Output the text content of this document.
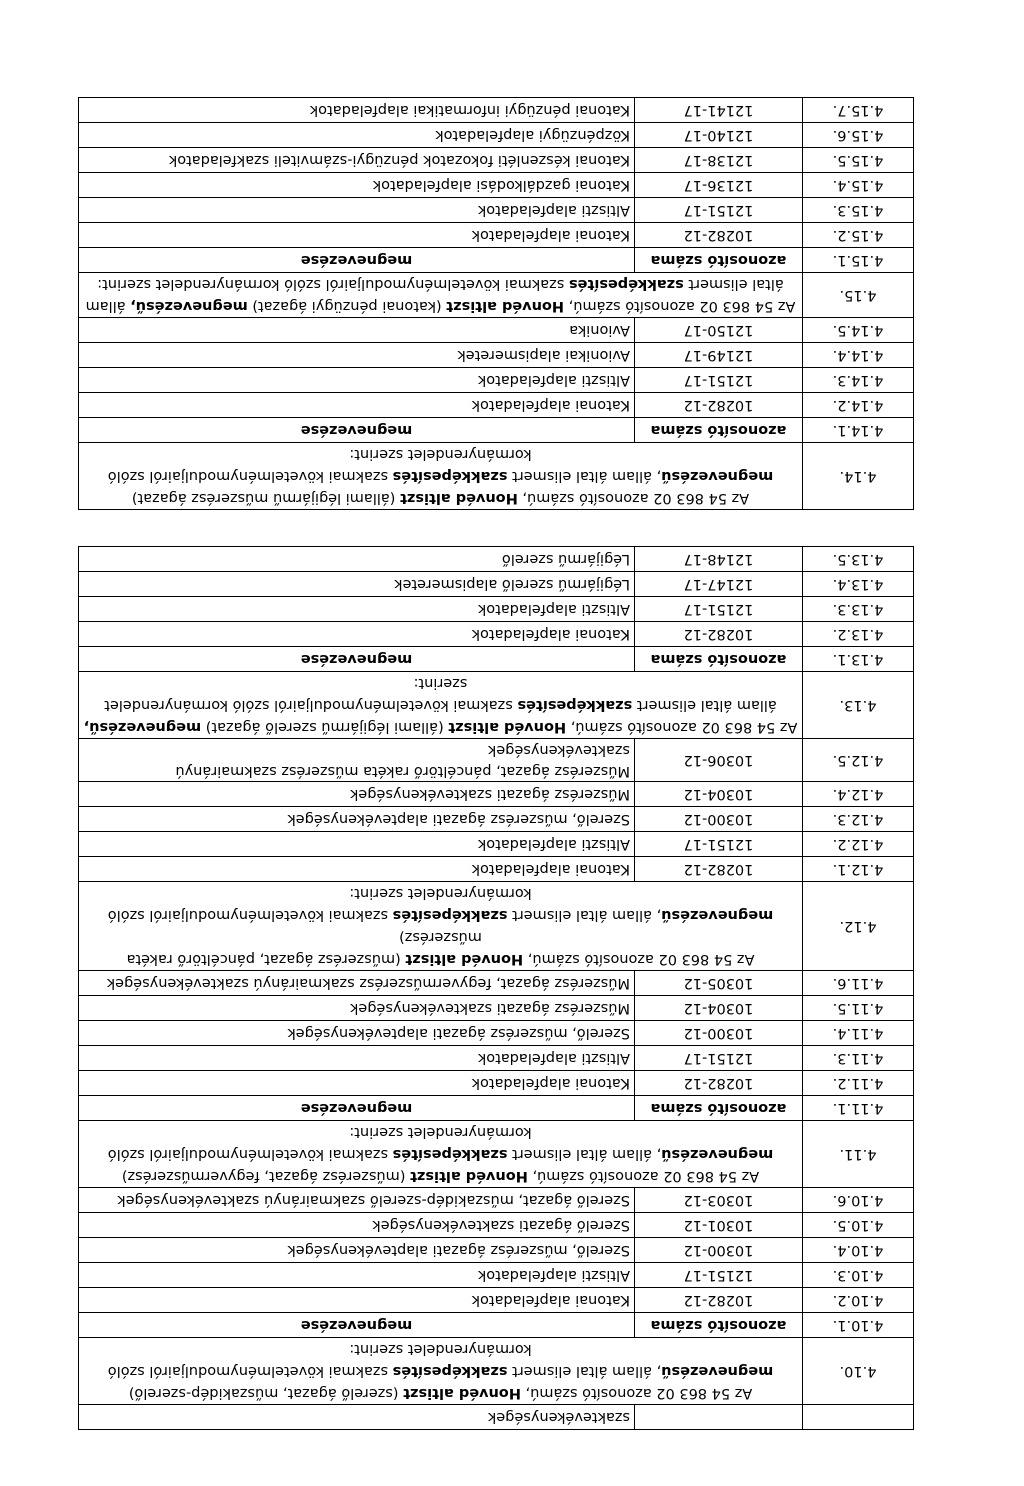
		szaktevékenységek
4.10.	Az 54 863 02 azonosító számú, Honvéd altiszt (szerelő ágazat, műszakidép-szerelő)
megnevezésű, állam által elismert szakképesítés szakmai követelménymoduljairól szóló
kormányrendelet szerint:	

4.10.1.	azonosító száma	megnevezése
4.10.2.	10282-12	Katonai alapfeladatok
4.10.3.	12151-17	Altiszti alapfeladatok
4.10.4.	10300-12	Szerelő, műszerész ágazati alaptevékenységek
4.10.5.	10301-12	Szerelő ágazati szaktevékenységek
4.10.6.	10303-12	Szerelő ágazat, műszakidép-szerelő szakmairányú szaktevékenységek
4.11.	Az 54 863 02 azonosító számú, Honvéd altiszt (műszerész ágazat, fegyverműszerész)
megnevezésű, állam által elismert szakképesítés szakmai követelménymoduljairól szóló
kormányrendelet szerint:	

4.11.1.	azonosító száma	megnevezése
4.11.2.	10282-12	Katonai alapfeladatok
4.11.3.	12151-17	Altiszti alapfeladatok
4.11.4.	10300-12	Szerelő, műszerész ágazati alaptevékenységek
4.11.5.	10304-12	Műszerész ágazati szaktevékenységek
4.11.6.	10305-12	Műszerész ágazat, fegyverműszerész szakmairányú szaktevékenységek
4.12.	Az 54 863 02 azonosító számú, Honvéd altiszt (műszerész ágazat, páncéltörő rakéta műszerész)
megnevezésű, állam által elismert szakképesítés szakmai követelménymoduljairól szóló
kormányrendelet szerint:	

4.12.1.	10282-12	Katonai alapfeladatok
4.12.2.	12151-17	Altiszti alapfeladatok
4.12.3.	10300-12	Szerelő, műszerész ágazati alaptevékenységek
4.12.4.	10304-12	Műszerész ágazati szaktevékenységek
4.12.5.	10306-12	Műszerész ágazat, páncéltörő rakéta műszerész szakmairányú
szaktevékenységek

4.13.	Az 54 863 02 azonosító számú, Honvéd altiszt (állami légijármű szerelő ágazat) megnevezésű,
állam által elismert szakképesítés szakmai követelménymoduljairól szóló kormányrendelet
szerint:	

4.13.1.	azonosító száma	megnevezése
4.13.2.	10282-12	Katonai alapfeladatok
4.13.3.	12151-17	Altiszti alapfeladatok
4.13.4.	12147-17	Légijármű szerelő alapismeretek
4.13.5.	12148-17	Légijármű szerelő
4.14.	Az 54 863 02 azonosító számú, Honvéd altiszt (állami légijármű műszerész ágazat)
megnevezésű, állam által elismert szakképesítés szakmai követelménymoduljairól szóló
kormányrendelet szerint:	

4.14.1.	azonosító száma	megnevezése
4.14.2.	10282-12	Katonai alapfeladatok
4.14.3.	12151-17	Altiszti alapfeladatok
4.14.4.	12149-17	Avionikai alapismeretek
4.14.5.	12150-17	Avionika
4.15.	Az 54 863 02 azonosító számú, Honvéd altiszt (katonai pénzügyi ágazat) megnevezésű, állam
által elismert szakképesítés szakmai követelménymoduljairól szóló kormányrendelet szerint:	

4.15.1.	azonosító száma	megnevezése
4.15.2.	10282-12	Katonai alapfeladatok
4.15.3.	12151-17	Altiszti alapfeladatok
4.15.4.	12136-17	Katonai gazdálkodási alapfeladatok
4.15.5.	12138-17	Katonai készenléti fokozatok pénzügyi-számviteli szakfeladatok
4.15.6.	12140-17	Közpénzügyi alapfeladatok
4.15.7.	12141-17	Katonai pénzügyi informatikai alapfeladatok
